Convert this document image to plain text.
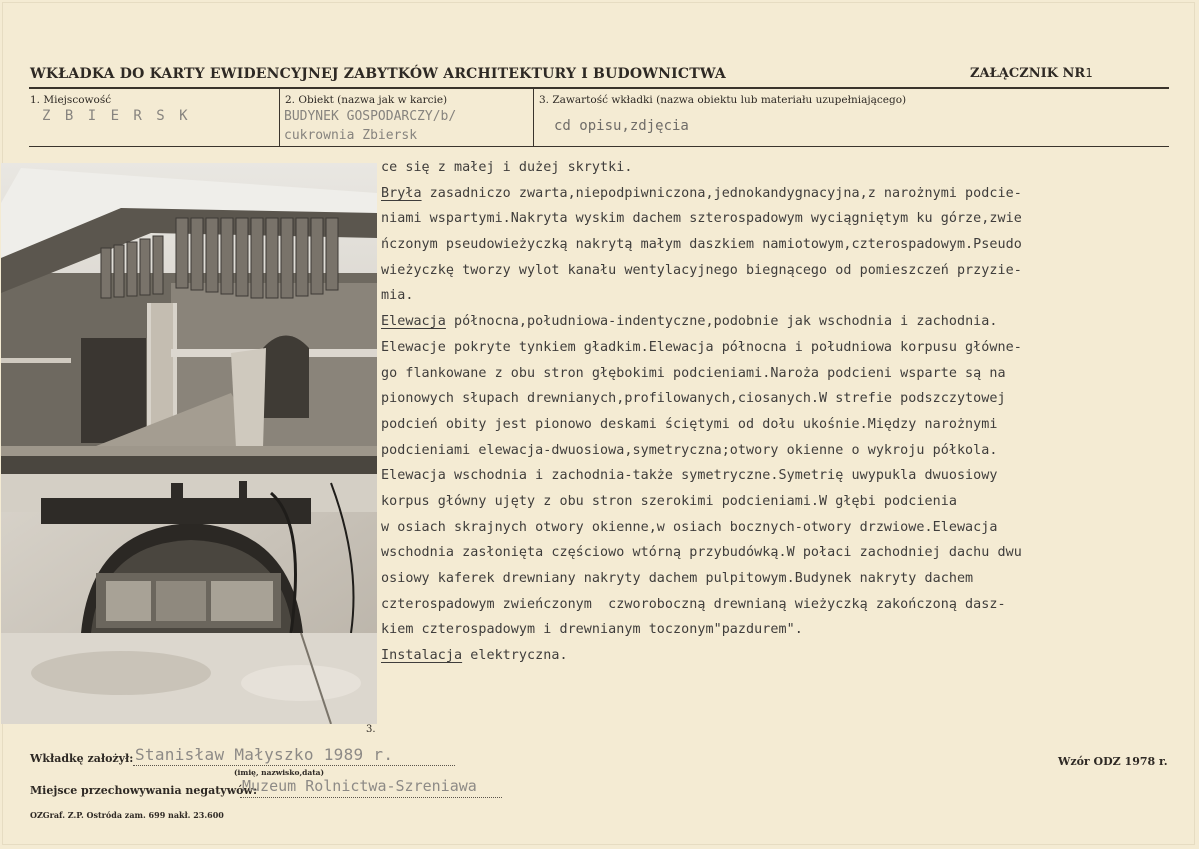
WKŁADKA DO KARTY EWIDENCYJNEJ ZABYTKÓW ARCHITEKTURY I BUDOWNICTWA	ZAŁĄCZNIK NR1
1. Miejscowość
Z B I E R S K
2. Obiekt (nazwa jak w karcie)
BUDYNEK GOSPODARCZY/b/
cukrownia Zbiersk
3. Zawartość wkładki (nazwa obiektu lub materiału uzupełniającego)
cd opisu,zdjęcia
3.
ce się z małej i dużej skrytki.
Bryła zasadniczo zwarta,niepodpiwniczona,jednokandygnacyjna,z narożnymi podcie-
niami wspartymi.Nakryta wyskim dachem szterospadowym wyciągniętym ku górze,zwie
ńczonym pseudowieżyczką nakrytą małym daszkiem namiotowym,czterospadowym.Pseudo
wieżyczkę tworzy wylot kanału wentylacyjnego biegnącego od pomieszczeń przyzie-
mia.
Elewacja północna,południowa-indentyczne,podobnie jak wschodnia i zachodnia.
Elewacje pokryte tynkiem gładkim.Elewacja północna i południowa korpusu główne-
go flankowane z obu stron głębokimi podcieniami.Naroża podcieni wsparte są na
pionowych słupach drewnianych,profilowanych,ciosanych.W strefie podszczytowej
podcień obity jest pionowo deskami ściętymi od dołu ukośnie.Między narożnymi
podcieniami elewacja-dwuosiowa,symetryczna;otwory okienne o wykroju półkola.
Elewacja wschodnia i zachodnia-także symetryczne.Symetrię uwypukla dwuosiowy
korpus główny ujęty z obu stron szerokimi podcieniami.W głębi podcienia
w osiach skrajnych otwory okienne,w osiach bocznych-otwory drzwiowe.Elewacja
wschodnia zasłonięta częściowo wtórną przybudówką.W połaci zachodniej dachu dwu
osiowy kaferek drewniany nakryty dachem pulpitowym.Budynek nakryty dachem
czterospadowym zwieńczonym  czworoboczną drewnianą wieżyczką zakończoną dasz-
kiem czterospadowym i drewnianym toczonym"pazdurem".
Instalacja elektryczna.
Wkładkę założył: Stanisław Małyszko 1989 r.
(imię, nazwisko,data)
Miejsce przechowywania negatywów:
Muzeum Rolnictwa-Szreniawa
OZGraf. Z.P. Ostróda zam. 699 nakł. 23.600
Wzór ODZ 1978 r.
